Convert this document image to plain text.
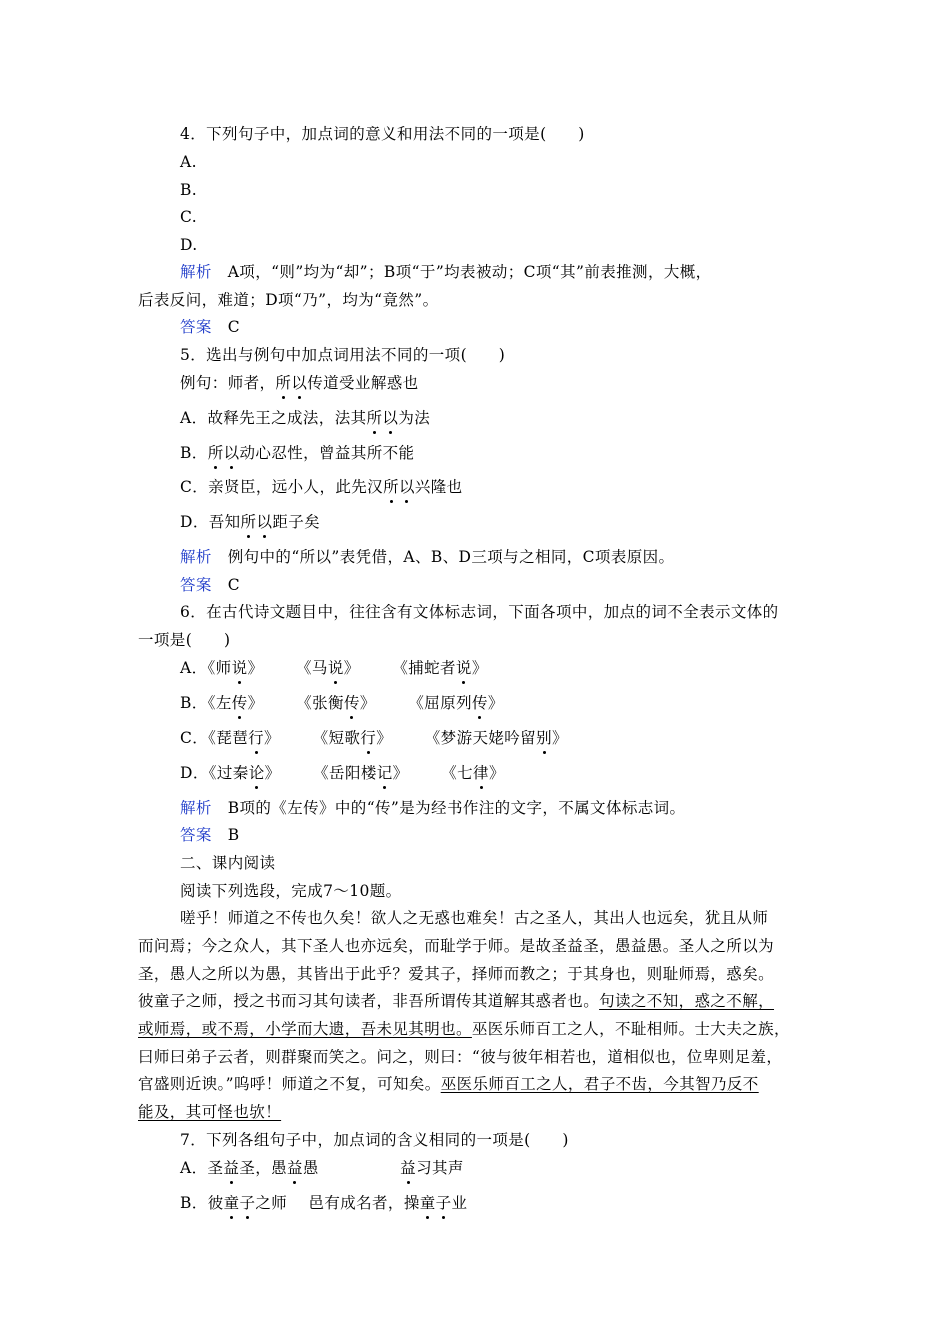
4．下列句子中，加点词的意义和用法不同的一项是(　　)
A.
B.
C.
D.
解析　A项，“则”均为“却”；B项“于”均表被动；C项“其”前表推测，大概，
后表反问，难道；D项“乃”，均为“竟然”。
答案　C
5．选出与例句中加点词用法不同的一项(　　)
例句：师者，所以传道受业解惑也
A．故释先王之成法，法其所以为法
B．所以动心忍性，曾益其所不能
C．亲贤臣，远小人，此先汉所以兴隆也
D．吾知所以距子矣
解析　例句中的“所以”表凭借，A、B、D三项与之相同，C项表原因。
答案　C
6．在古代诗文题目中，往往含有文体标志词，下面各项中，加点的词不全表示文体的
一项是(　　)
A．《师说》 《马说》 《捕蛇者说》
B．《左传》 《张衡传》 《屈原列传》
C．《琵琶行》 《短歌行》 《梦游天姥吟留别》
D．《过秦论》 《岳阳楼记》 《七律》
解析　B项的《左传》中的“传”是为经书作注的文字，不属文体标志词。
答案　B
二、课内阅读
阅读下列选段，完成7～10题。
嗟乎！师道之不传也久矣！欲人之无惑也难矣！古之圣人，其出人也远矣，犹且从师
而问焉；今之众人，其下圣人也亦远矣，而耻学于师。是故圣益圣，愚益愚。圣人之所以为
圣，愚人之所以为愚，其皆出于此乎？爱其子，择师而教之；于其身也，则耻师焉，惑矣。
彼童子之师，授之书而习其句读者，非吾所谓传其道解其惑者也。句读之不知，惑之不解，
或师焉，或不焉，小学而大遗，吾未见其明也。巫医乐师百工之人，不耻相师。士大夫之族，
曰师曰弟子云者，则群聚而笑之。问之，则曰：“彼与彼年相若也，道相似也，位卑则足羞，
官盛则近谀。”呜呼！师道之不复，可知矣。巫医乐师百工之人，君子不齿，今其智乃反不
能及，其可怪也欤！
7．下列各组句子中，加点词的含义相同的一项是(　　)
A．圣益圣，愚益愚	益习其声
B．彼童子之师　 邑有成名者，操童子业
